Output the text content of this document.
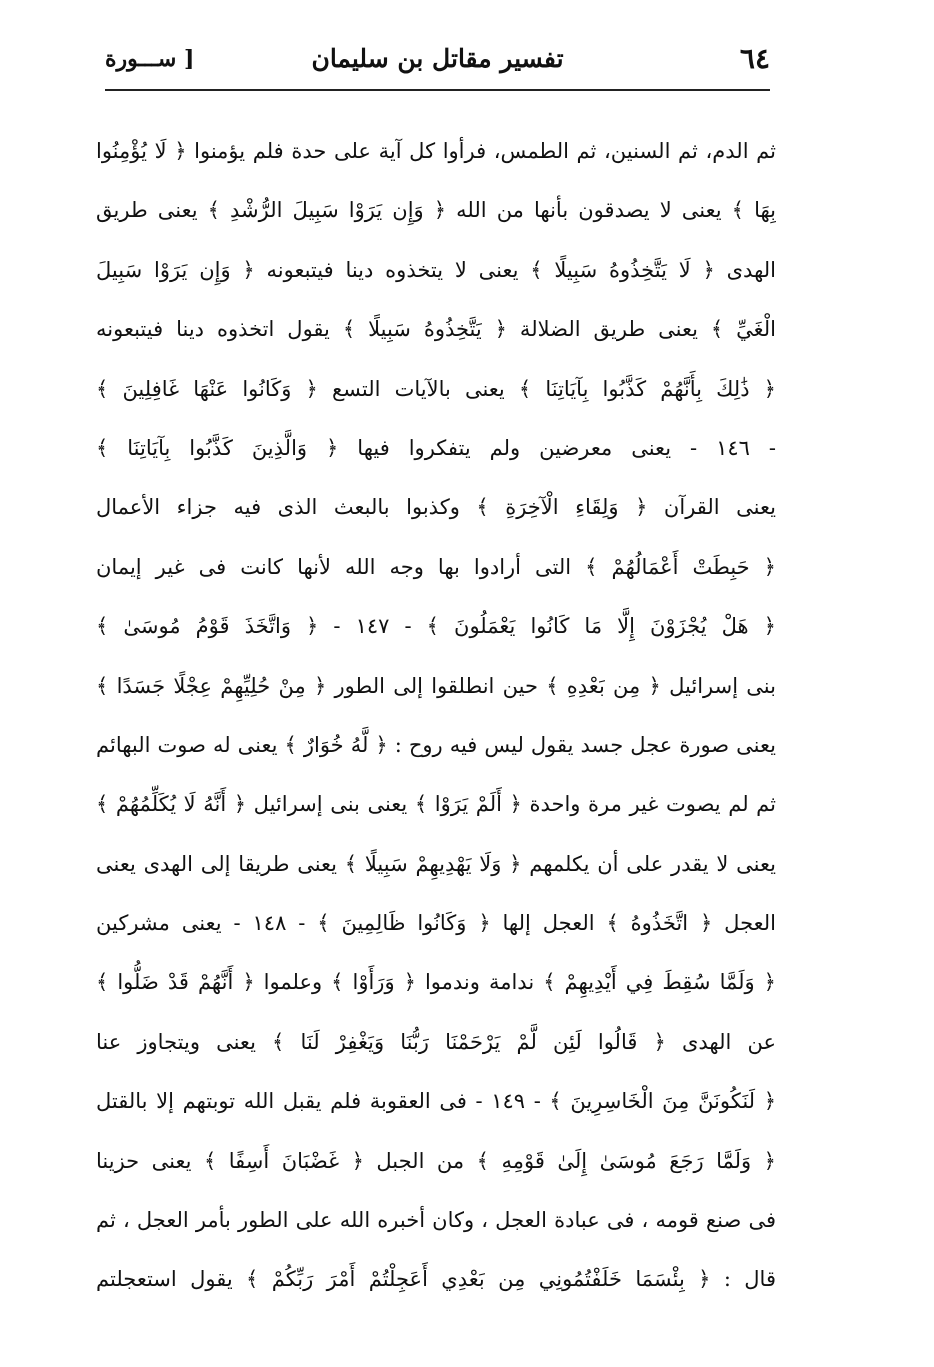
٦٤
تفسير مقاتل بن سليمان
[ ســـورة
ثم الدم، ثم السنين، ثم الطمس، فرأوا كل آية على حدة فلم يؤمنوا ﴿ لَا يُؤْمِنُوا
بِهَا ﴾ يعنى لا يصدقون بأنها من الله ﴿ وَإِن يَرَوْا سَبِيلَ الرُّشْدِ ﴾ يعنى طريق
الهدى ﴿ لَا يَتَّخِذُوهُ سَبِيلًا ﴾ يعنى لا يتخذوه دينا فيتبعونه ﴿ وَإِن يَرَوْا سَبِيلَ
الْغَيِّ ﴾ يعنى طريق الضلالة ﴿ يَتَّخِذُوهُ سَبِيلًا ﴾ يقول اتخذوه دينا فيتبعونه
﴿ ذَٰلِكَ بِأَنَّهُمْ كَذَّبُوا بِآيَاتِنَا ﴾ يعنى بالآيات التسع ﴿ وَكَانُوا عَنْهَا غَافِلِينَ ﴾
- ١٤٦ - يعنى معرضين ولم يتفكروا فيها ﴿ وَالَّذِينَ كَذَّبُوا بِآيَاتِنَا ﴾
يعنى القرآن ﴿ وَلِقَاءِ الْآخِرَةِ ﴾ وكذبوا بالبعث الذى فيه جزاء الأعمال
﴿ حَبِطَتْ أَعْمَالُهُمْ ﴾ التى أرادوا بها وجه الله لأنها كانت فى غير إيمان
﴿ هَلْ يُجْزَوْنَ إِلَّا مَا كَانُوا يَعْمَلُونَ ﴾ - ١٤٧ - ﴿ وَاتَّخَذَ قَوْمُ مُوسَىٰ ﴾
بنى إسرائيل ﴿ مِن بَعْدِهِ ﴾ حين انطلقوا إلى الطور ﴿ مِنْ حُلِيِّهِمْ عِجْلًا جَسَدًا ﴾
يعنى صورة عجل جسد يقول ليس فيه روح : ﴿ لَّهُ خُوَارٌ ﴾ يعنى له صوت البهائم
ثم لم يصوت غير مرة واحدة ﴿ أَلَمْ يَرَوْا ﴾ يعنى بنى إسرائيل ﴿ أَنَّهُ لَا يُكَلِّمُهُمْ ﴾
يعنى لا يقدر على أن يكلمهم ﴿ وَلَا يَهْدِيهِمْ سَبِيلًا ﴾ يعنى طريقا إلى الهدى يعنى
العجل ﴿ اتَّخَذُوهُ ﴾ العجل إلها ﴿ وَكَانُوا ظَالِمِينَ ﴾ - ١٤٨ - يعنى مشركين
﴿ وَلَمَّا سُقِطَ فِي أَيْدِيهِمْ ﴾ ندامة وندموا ﴿ وَرَأَوْا ﴾ وعلموا ﴿ أَنَّهُمْ قَدْ ضَلُّوا ﴾
عن الهدى ﴿ قَالُوا لَئِن لَّمْ يَرْحَمْنَا رَبُّنَا وَيَغْفِرْ لَنَا ﴾ يعنى ويتجاوز عنا
﴿ لَنَكُونَنَّ مِنَ الْخَاسِرِينَ ﴾ - ١٤٩ - فى العقوبة فلم يقبل الله توبتهم إلا بالقتل
﴿ وَلَمَّا رَجَعَ مُوسَىٰ إِلَىٰ قَوْمِهِ ﴾ من الجبل ﴿ غَضْبَانَ أَسِفًا ﴾ يعنى حزينا
فى صنع قومه ، فى عبادة العجل ، وكان أخبره الله على الطور بأمر العجل ، ثم
قال : ﴿ بِئْسَمَا خَلَفْتُمُونِي مِن بَعْدِي أَعَجِلْتُمْ أَمْرَ رَبِّكُمْ ﴾ يقول استعجلتم
